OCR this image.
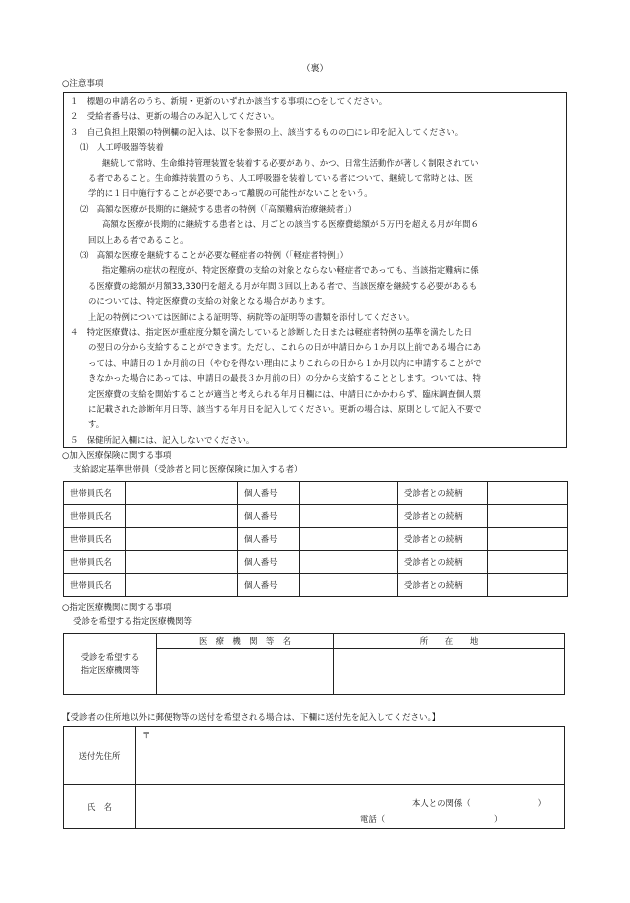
（裏）
○注意事項
１　標題の申請名のうち、新規・更新のいずれか該当する事項に○をしてください。
２　受給者番号は、更新の場合のみ記入してください。
３　自己負担上限額の特例欄の記入は、以下を参照の上、該当するものの□にレ印を記入してください。
⑴　人工呼吸器等装着
継続して常時、生命維持管理装置を装着する必要があり、かつ、日常生活動作が著しく制限されてい
る者であること。生命維持装置のうち、人工呼吸器を装着している者について、継続して常時とは、医
学的に１日中施行することが必要であって離脱の可能性がないことをいう。
⑵　高額な医療が長期的に継続する患者の特例（「高額難病治療継続者」）
高額な医療が長期的に継続する患者とは、月ごとの該当する医療費総額が５万円を超える月が年間６
回以上ある者であること。
⑶　高額な医療を継続することが必要な軽症者の特例（「軽症者特例」）
指定難病の症状の程度が、特定医療費の支給の対象とならない軽症者であっても、当該指定難病に係
る医療費の総額が月額33,330円を超える月が年間３回以上ある者で、当該医療を継続する必要があるも
のについては、特定医療費の支給の対象となる場合があります。
上記の特例については医師による証明等、病院等の証明等の書類を添付してください。
４　特定医療費は、指定医が重症度分類を満たしていると診断した日または軽症者特例の基準を満たした日
の翌日の分から支給することができます。ただし、これらの日が申請日から１か月以上前である場合にあ
っては、申請日の１か月前の日（やむを得ない理由によりこれらの日から１か月以内に申請することがで
きなかった場合にあっては、申請日の最長３か月前の日）の分から支給することとします。ついては、特
定医療費の支給を開始することが適当と考えられる年月日欄には、申請日にかかわらず、臨床調査個人票
に記載された診断年月日等、該当する年月日を記入してください。更新の場合は、原則として記入不要で
す。
５　保健所記入欄には、記入しないでください。
○加入医療保険に関する事項
支給認定基準世帯員（受診者と同じ医療保険に加入する者）
世帯員氏名		個人番号		受診者との続柄	
世帯員氏名		個人番号		受診者との続柄	
世帯員氏名		個人番号		受診者との続柄	
世帯員氏名		個人番号		受診者との続柄	
世帯員氏名		個人番号		受診者との続柄	
○指定医療機関に関する事項
受診を希望する指定医療機関等
受診を希望する
指定医療機関等	医　療　機　関　等　名	所　　在　　地

【受診者の住所地以外に郵便物等の送付を希望される場合は、下欄に送付先を記入してください。】
送付先住所	〒

氏　名	本人との関係（　　　　　　　　）
電話（　　　　　　　　　　　　　）
